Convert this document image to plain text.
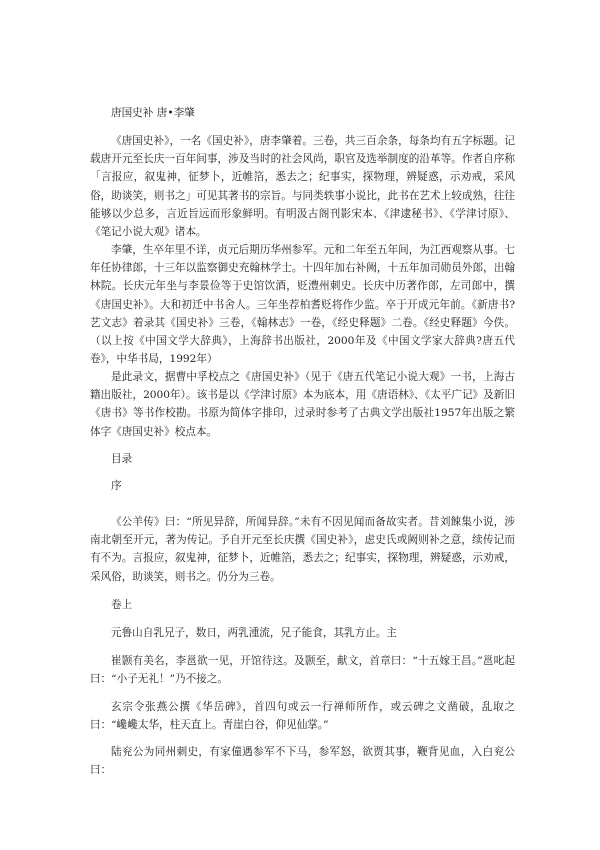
唐国史补 唐•李肇

《唐国史补》，一名《国史补》，唐李肇着。三卷，共三百余条，每条均有五字标题。记载唐开元至长庆一百年间事，涉及当时的社会风尚，职官及选举制度的沿革等。作者自序称「言报应，叙鬼神，征梦卜，近帷箔，悉去之；纪事实，探物理，辨疑惑，示劝戒，采风俗，助谈笑，则书之」可见其著书的宗旨。与同类轶事小说比，此书在艺术上较成熟，往往能够以少总多，言近旨远而形象鲜明。有明汲古阁刊影宋本、《津逮秘书》、《学津讨原》、《笔记小说大观》诸本。

李肇，生卒年里不详，贞元后期历华州参军。元和二年至五年间，为江西观察从事。七年任协律郎，十三年以监察御史充翰林学士。十四年加右补阙，十五年加司勋员外郎，出翰林院。长庆元年坐与李景俭等于史馆饮酒，贬澧州刺史。长庆中历著作郎，左司郎中，撰《唐国史补》。大和初迁中书舍人。三年坐荐柏耆贬将作少监。卒于开成元年前。《新唐书?艺文志》着录其《国史补》三卷，《翰林志》一卷，《经史释题》二卷。《经史释题》今佚。（以上按《中国文学大辞典》，上海辞书出版社，2000年及《中国文学家大辞典?唐五代卷》，中华书局，1992年）

是此录文，据曹中孚校点之《唐国史补》（见于《唐五代笔记小说大观》一书，上海古籍出版社，2000年）。该书是以《学津讨原》本为底本，用《唐语林》、《太平广记》及新旧《唐书》等书作校勘。书原为简体字排印，过录时参考了古典文学出版社1957年出版之繁体字《唐国史补》校点本。

目录

序

《公羊传》曰：“所见异辞，所闻异辞。”未有不因见闻而备故实者。昔刘餗集小说，涉南北朝至开元，著为传记。予自开元至长庆撰《国史补》，虑史氏或阙则补之意，续传记而有不为。言报应，叙鬼神，征梦卜，近帷箔，悉去之；纪事实，探物理，辨疑惑，示劝戒，采风俗，助谈笑，则书之。仍分为三卷。

卷上

元鲁山自乳兄子，数日，两乳湩流，兄子能食，其乳方止。主

崔颢有美名，李邕欲一见，开馆待这。及颢至，献文，首章曰：“十五嫁王昌。”邕叱起曰：“小子无礼！”乃不接之。

玄宗令张燕公撰《华岳碑》，首四句或云一行禅师所作，或云碑之文凿破，乱取之曰：“巉巉太华，柱天直上。青崖白谷，仰见仙掌。”

陆兖公为同州刺史，有家僮遇参军不下马，参军怒，欲贾其事，鞭背见血，入白兖公曰：
